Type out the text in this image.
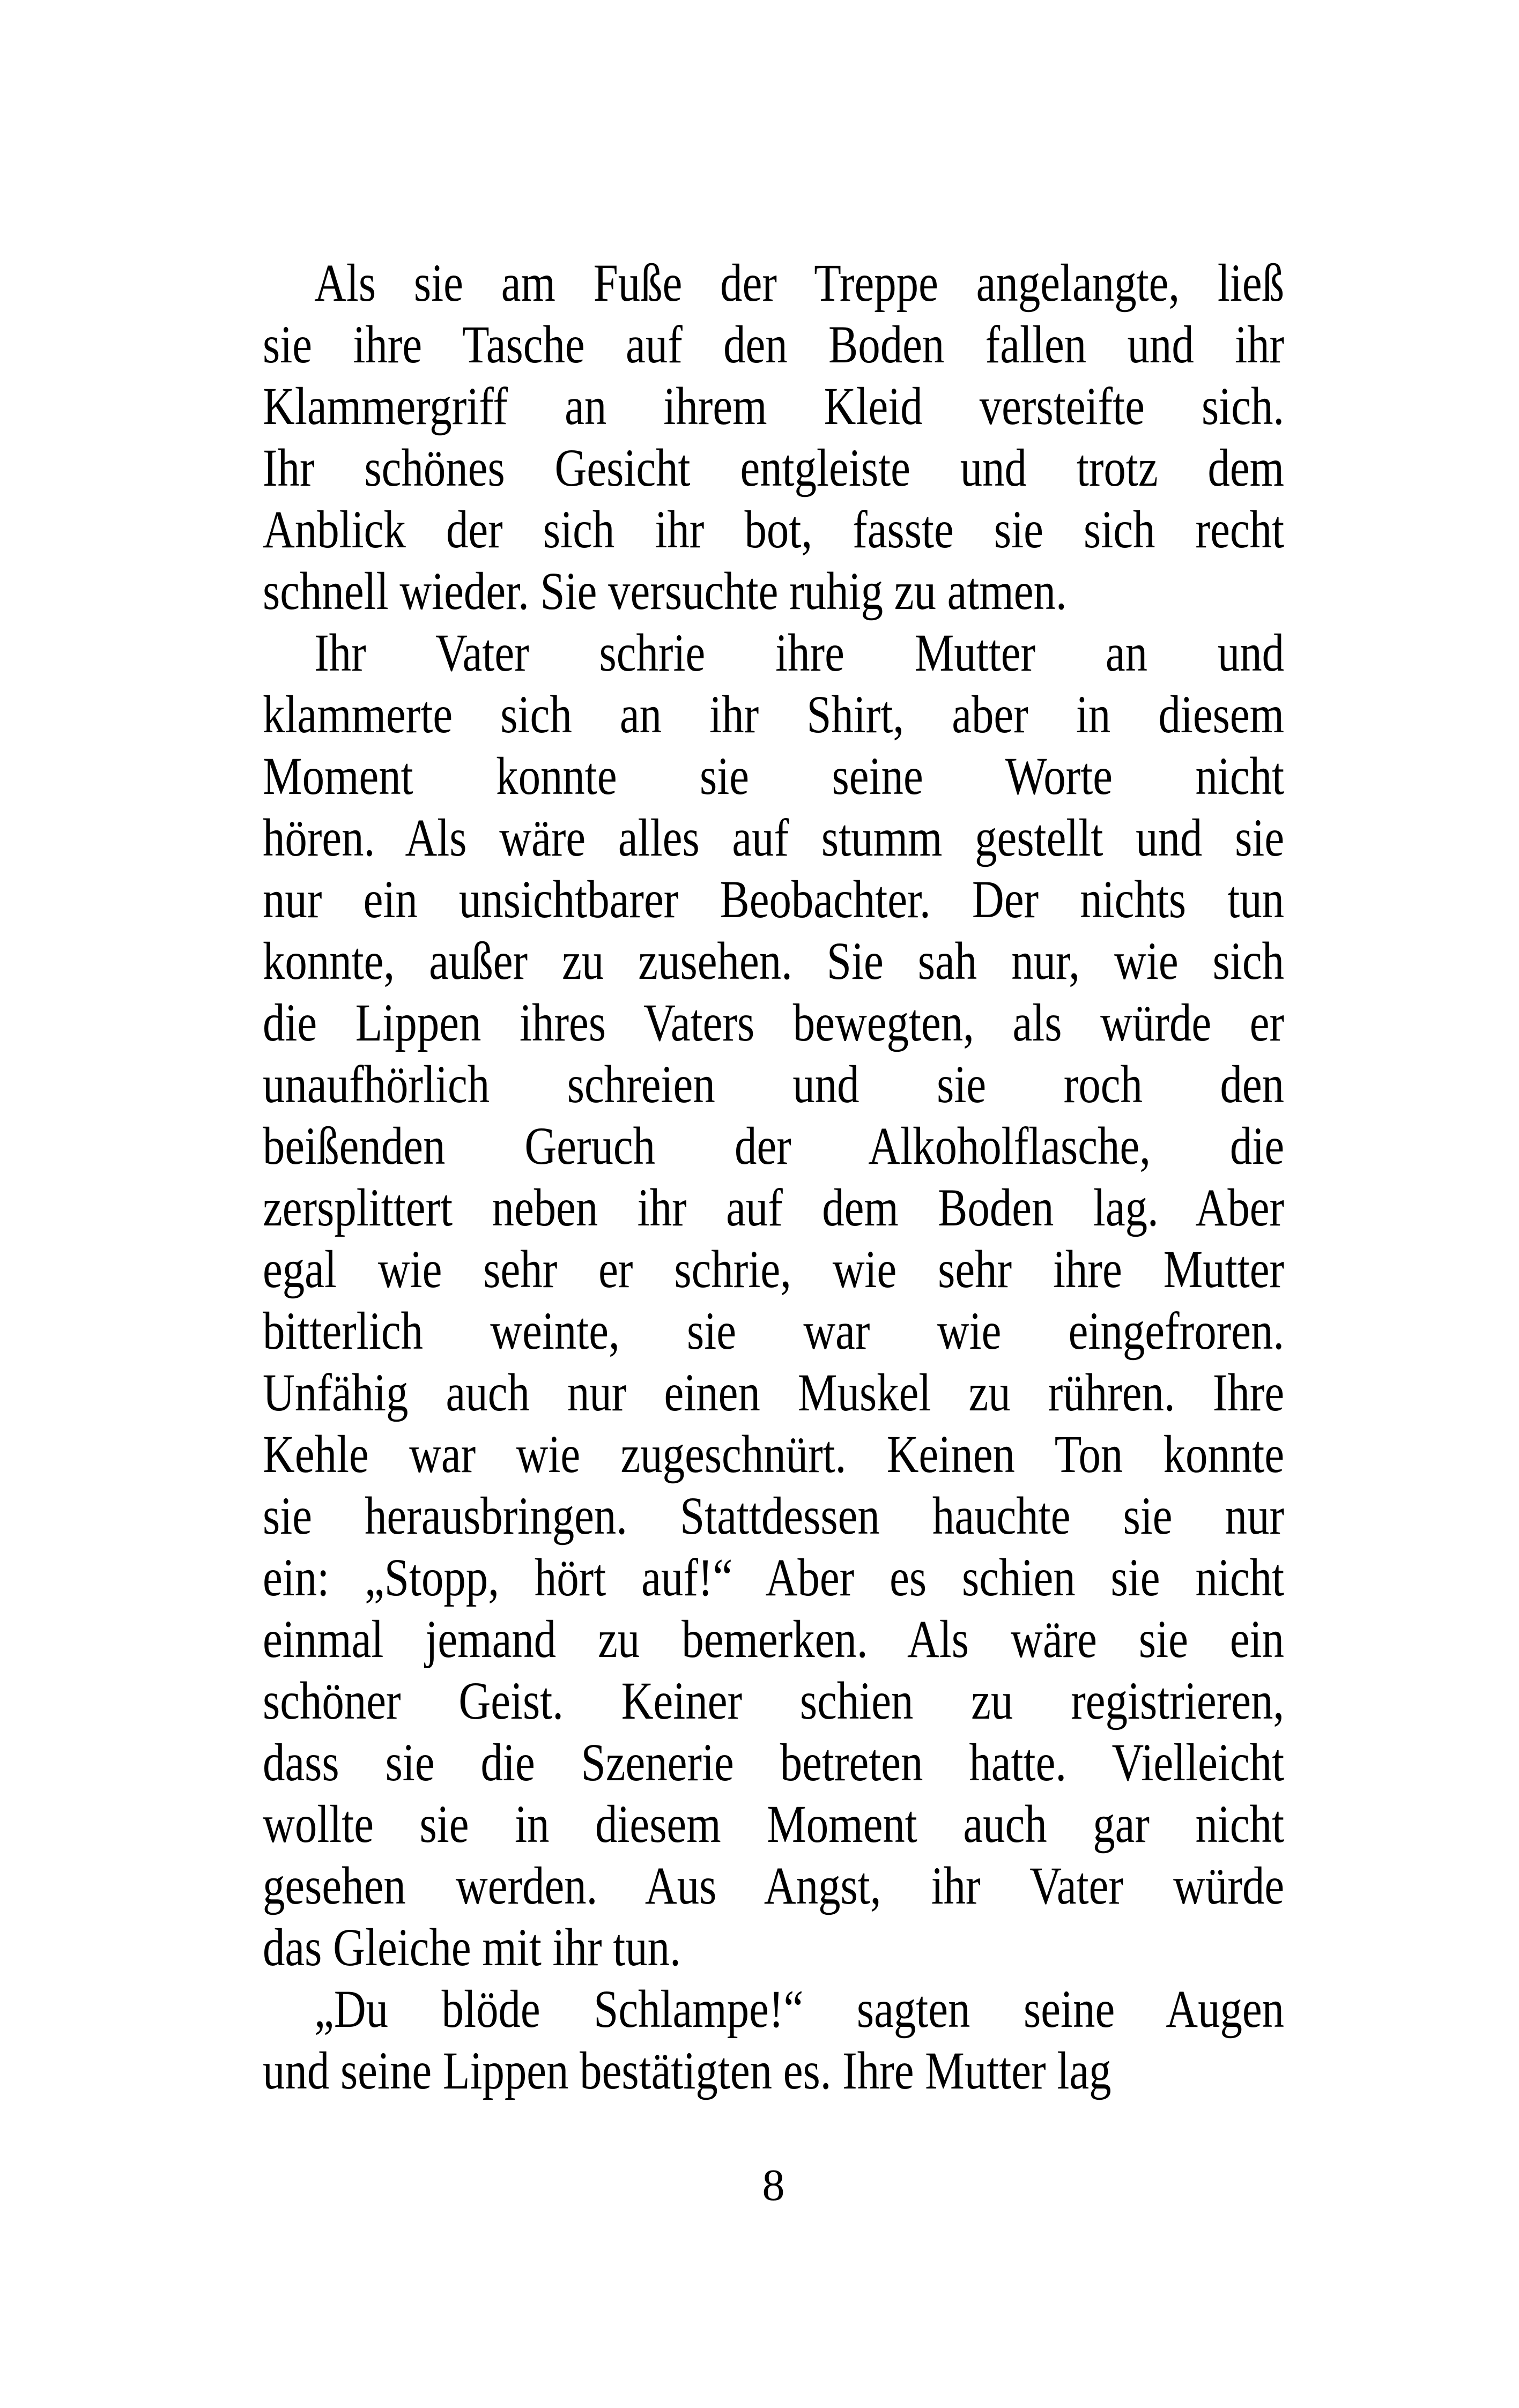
Als sie am Fuße der Treppe angelangte, ließ
sie ihre Tasche auf den Boden fallen und ihr
Klammergriff an ihrem Kleid versteifte sich.
Ihr schönes Gesicht entgleiste und trotz dem
Anblick der sich ihr bot, fasste sie sich recht
schnell wieder. Sie versuchte ruhig zu atmen.
Ihr Vater schrie ihre Mutter an und
klammerte sich an ihr Shirt, aber in diesem
Moment konnte sie seine Worte nicht
hören. Als wäre alles auf stumm gestellt und sie
nur ein unsichtbarer Beobachter. Der nichts tun
konnte, außer zu zusehen. Sie sah nur, wie sich
die Lippen ihres Vaters bewegten, als würde er
unaufhörlich schreien und sie roch den
beißenden Geruch der Alkoholflasche, die
zersplittert neben ihr auf dem Boden lag. Aber
egal wie sehr er schrie, wie sehr ihre Mutter
bitterlich weinte, sie war wie eingefroren.
Unfähig auch nur einen Muskel zu rühren. Ihre
Kehle war wie zugeschnürt. Keinen Ton konnte
sie herausbringen. Stattdessen hauchte sie nur
ein: „Stopp, hört auf!“ Aber es schien sie nicht
einmal jemand zu bemerken. Als wäre sie ein
schöner Geist. Keiner schien zu registrieren,
dass sie die Szenerie betreten hatte. Vielleicht
wollte sie in diesem Moment auch gar nicht
gesehen werden. Aus Angst, ihr Vater würde
das Gleiche mit ihr tun.
„Du blöde Schlampe!“ sagten seine Augen
und seine Lippen bestätigten es. Ihre Mutter lag
8
